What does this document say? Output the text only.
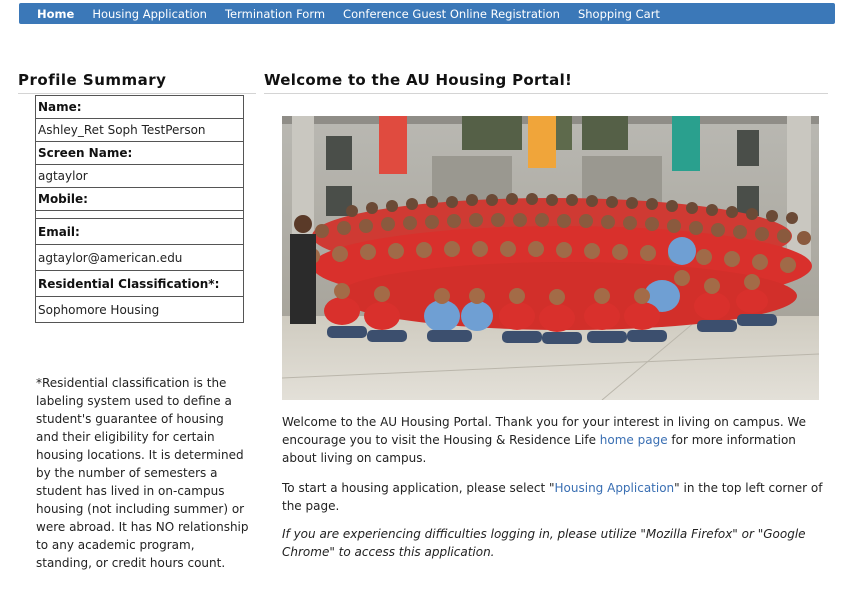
Home Housing Application Termination Form Conference Guest Online Registration Shopping Cart
Profile Summary
Name:
Ashley_Ret Soph TestPerson
Screen Name:
agtaylor
Mobile:

Email:
agtaylor@american.edu
Residential Classification*:
Sophomore Housing
*Residential classification is the labeling system used to define a student's guarantee of housing and their eligibility for certain housing locations. It is determined by the number of semesters a student has lived in on-campus housing (not including summer) or were abroad. It has NO relationship to any academic program, standing, or credit hours count.
Welcome to the AU Housing Portal!
Welcome to the AU Housing Portal. Thank you for your interest in living on campus. We encourage you to visit the Housing & Residence Life home page for more information about living on campus.
To start a housing application, please select "Housing Application" in the top left corner of the page.
If you are experiencing difficulties logging in, please utilize "Mozilla Firefox" or "Google Chrome" to access this application.
